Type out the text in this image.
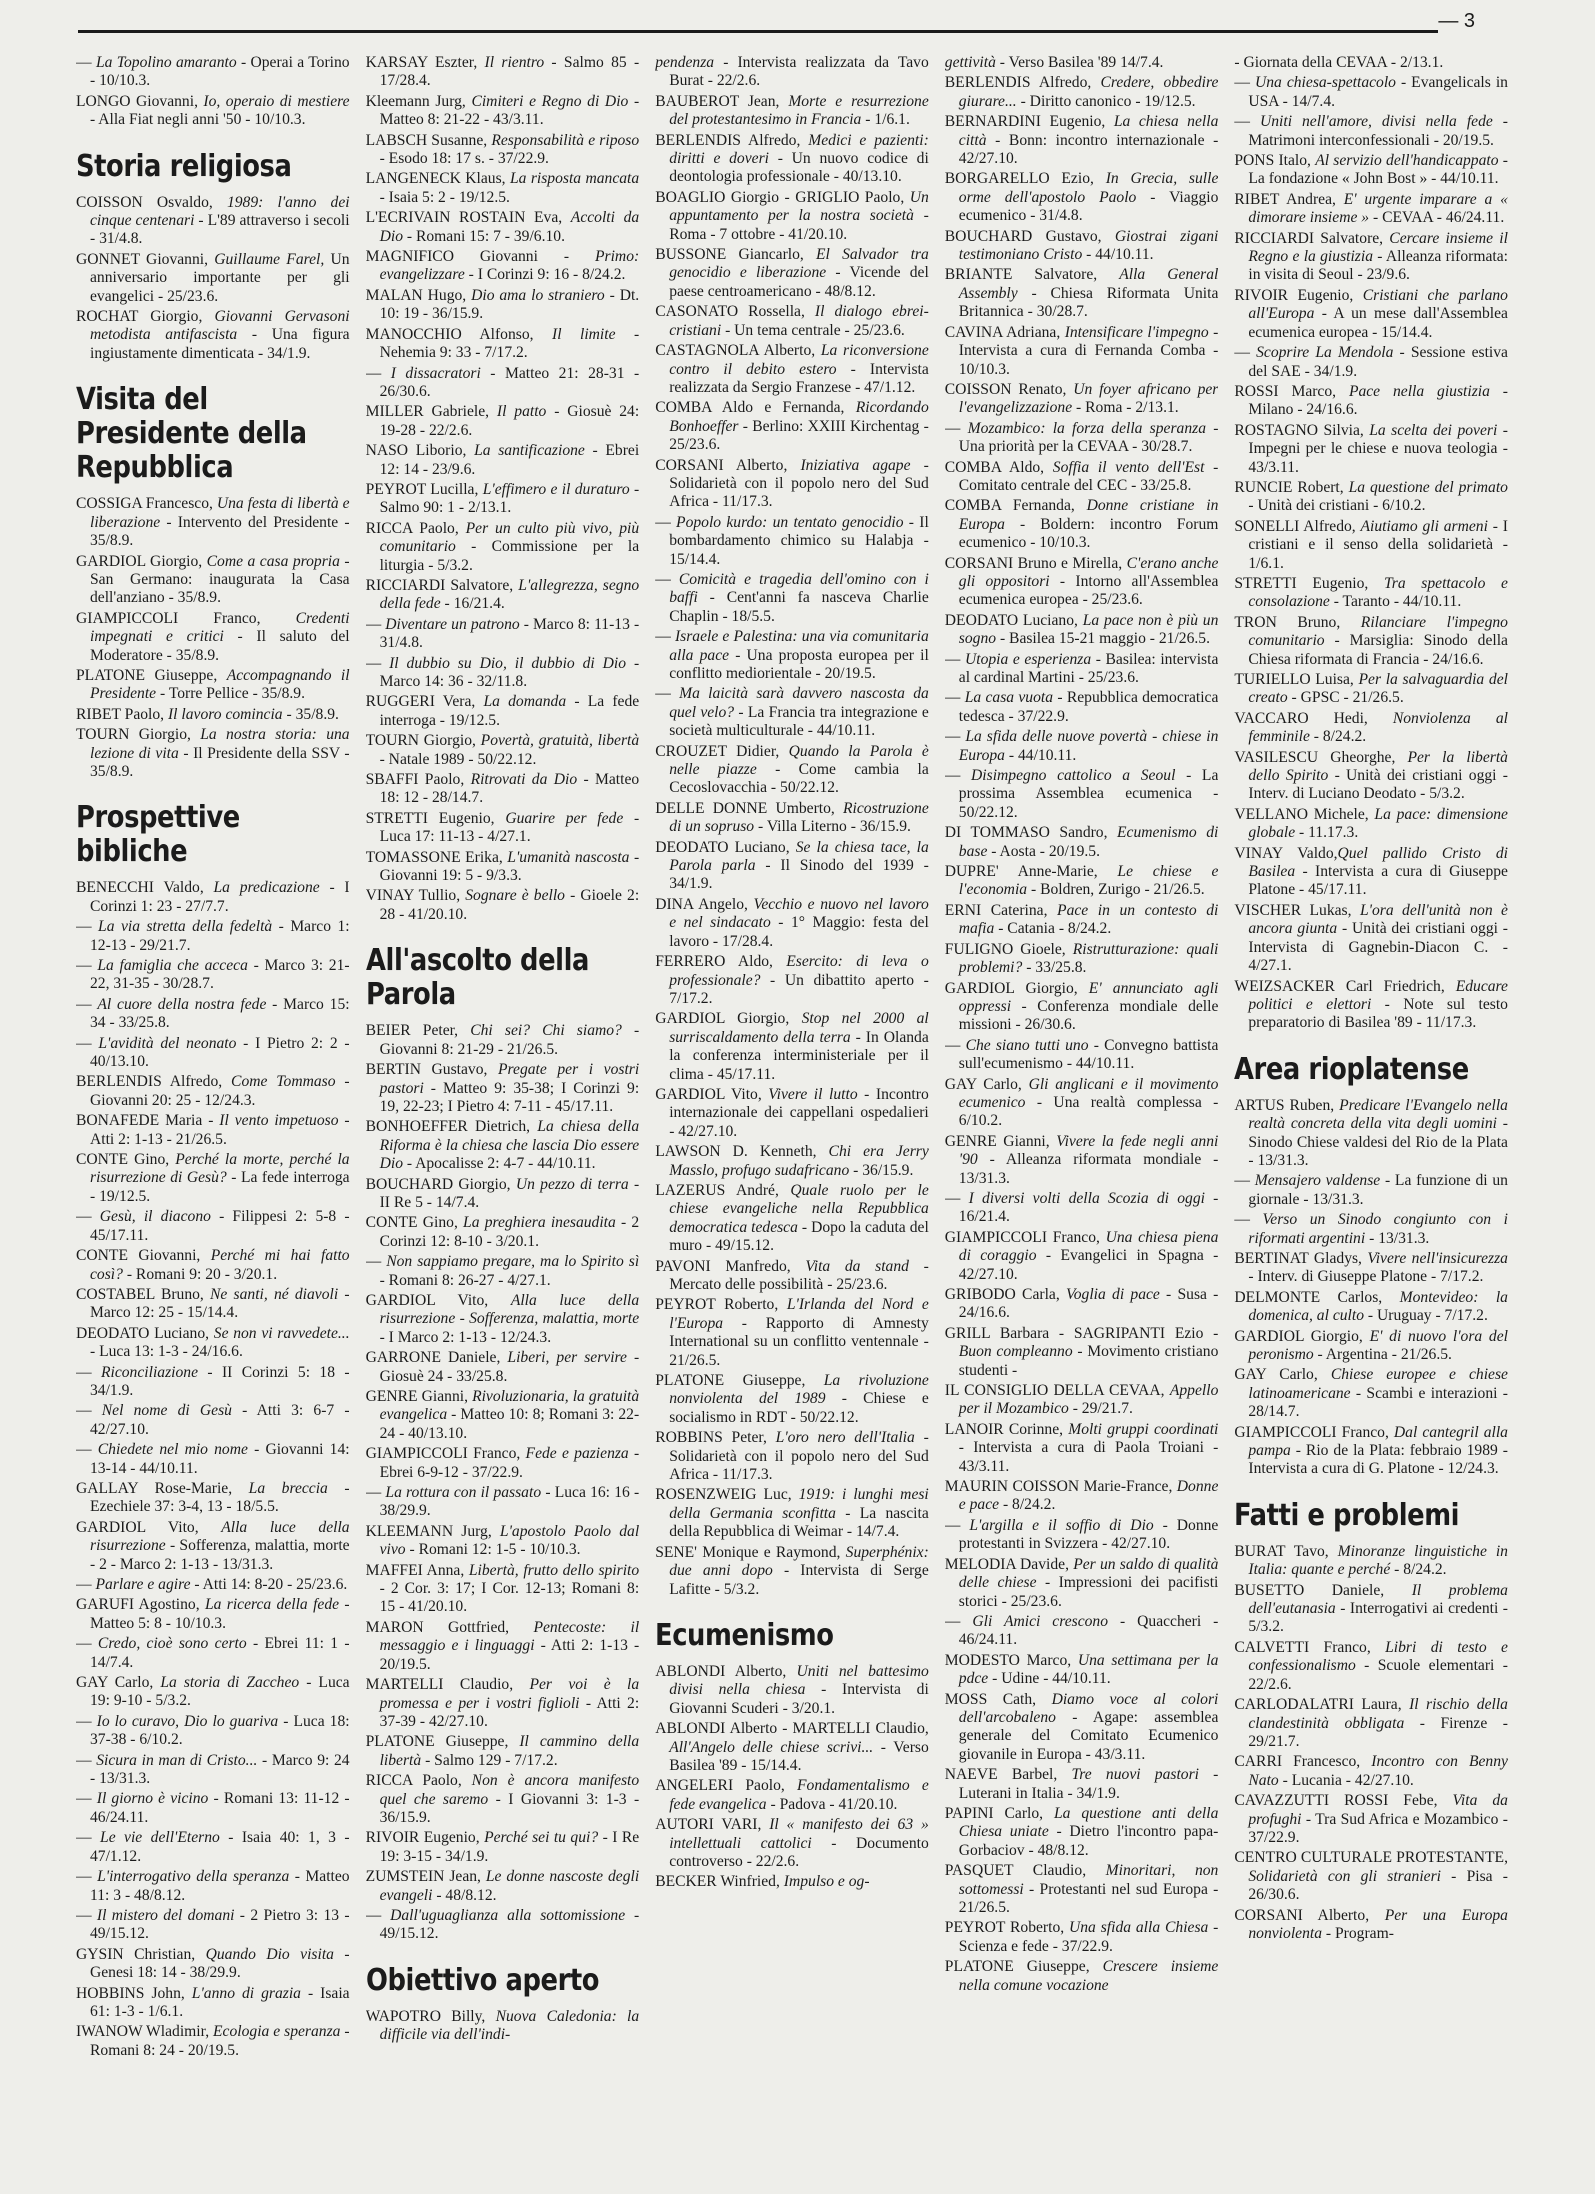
— 3
— La Topolino amaranto - Operai a Torino - 10/10.3.
LONGO Giovanni, Io, operaio di mestiere - Alla Fiat negli anni '50 - 10/10.3.
Storia religiosa
COISSON Osvaldo, 1989: l'anno dei cinque centenari - L'89 attraverso i secoli - 31/4.8.
GONNET Giovanni, Guillaume Farel, Un anniversario importante per gli evangelici - 25/23.6.
ROCHAT Giorgio, Giovanni Gervasoni metodista antifascista - Una figura ingiustamente dimenticata - 34/1.9.
Visita del Presidente della Repubblica
COSSIGA Francesco, Una festa di libertà e liberazione - Intervento del Presidente - 35/8.9.
GARDIOL Giorgio, Come a casa propria - San Germano: inaugurata la Casa dell'anziano - 35/8.9.
GIAMPICCOLI Franco, Credenti impegnati e critici - Il saluto del Moderatore - 35/8.9.
PLATONE Giuseppe, Accompagnando il Presidente - Torre Pellice - 35/8.9.
RIBET Paolo, Il lavoro comincia - 35/8.9.
TOURN Giorgio, La nostra storia: una lezione di vita - Il Presidente della SSV - 35/8.9.
Prospettive bibliche
BENECCHI Valdo, La predicazione - I Corinzi 1: 23 - 27/7.7.
— La via stretta della fedeltà - Marco 1: 12-13 - 29/21.7.
— La famiglia che acceca - Marco 3: 21-22, 31-35 - 30/28.7.
— Al cuore della nostra fede - Marco 15: 34 - 33/25.8.
— L'avidità del neonato - I Pietro 2: 2 - 40/13.10.
BERLENDIS Alfredo, Come Tommaso - Giovanni 20: 25 - 12/24.3.
BONAFEDE Maria - Il vento impetuoso - Atti 2: 1-13 - 21/26.5.
CONTE Gino, Perché la morte, perché la risurrezione di Gesù? - La fede interroga - 19/12.5.
— Gesù, il diacono - Filippesi 2: 5-8 - 45/17.11.
CONTE Giovanni, Perché mi hai fatto così? - Romani 9: 20 - 3/20.1.
COSTABEL Bruno, Ne santi, né diavoli - Marco 12: 25 - 15/14.4.
DEODATO Luciano, Se non vi ravvedete... - Luca 13: 1-3 - 24/16.6.
— Riconciliazione - II Corinzi 5: 18 - 34/1.9.
— Nel nome di Gesù - Atti 3: 6-7 - 42/27.10.
— Chiedete nel mio nome - Giovanni 14: 13-14 - 44/10.11.
GALLAY Rose-Marie, La breccia - Ezechiele 37: 3-4, 13 - 18/5.5.
GARDIOL Vito, Alla luce della risurrezione - Sofferenza, malattia, morte - 2 - Marco 2: 1-13 - 13/31.3.
— Parlare e agire - Atti 14: 8-20 - 25/23.6.
GARUFI Agostino, La ricerca della fede - Matteo 5: 8 - 10/10.3.
— Credo, cioè sono certo - Ebrei 11: 1 - 14/7.4.
GAY Carlo, La storia di Zaccheo - Luca 19: 9-10 - 5/3.2.
— Io lo curavo, Dio lo guariva - Luca 18: 37-38 - 6/10.2.
— Sicura in man di Cristo... - Marco 9: 24 - 13/31.3.
— Il giorno è vicino - Romani 13: 11-12 - 46/24.11.
— Le vie dell'Eterno - Isaia 40: 1, 3 - 47/1.12.
— L'interrogativo della speranza - Matteo 11: 3 - 48/8.12.
— Il mistero del domani - 2 Pietro 3: 13 - 49/15.12.
GYSIN Christian, Quando Dio visita - Genesi 18: 14 - 38/29.9.
HOBBINS John, L'anno di grazia - Isaia 61: 1-3 - 1/6.1.
IWANOW Wladimir, Ecologia e speranza - Romani 8: 24 - 20/19.5.
KARSAY Eszter, Il rientro - Salmo 85 - 17/28.4.
Kleemann Jurg, Cimiteri e Regno di Dio - Matteo 8: 21-22 - 43/3.11.
LABSCH Susanne, Responsabilità e riposo - Esodo 18: 17 s. - 37/22.9.
LANGENECK Klaus, La risposta mancata - Isaia 5: 2 - 19/12.5.
L'ECRIVAIN ROSTAIN Eva, Accolti da Dio - Romani 15: 7 - 39/6.10.
MAGNIFICO Giovanni - Primo: evangelizzare - I Corinzi 9: 16 - 8/24.2.
MALAN Hugo, Dio ama lo straniero - Dt. 10: 19 - 36/15.9.
MANOCCHIO Alfonso, Il limite - Nehemia 9: 33 - 7/17.2.
— I dissacratori - Matteo 21: 28-31 - 26/30.6.
MILLER Gabriele, Il patto - Giosuè 24: 19-28 - 22/2.6.
NASO Liborio, La santificazione - Ebrei 12: 14 - 23/9.6.
PEYROT Lucilla, L'effimero e il duraturo - Salmo 90: 1 - 2/13.1.
RICCA Paolo, Per un culto più vivo, più comunitario - Commissione per la liturgia - 5/3.2.
RICCIARDI Salvatore, L'allegrezza, segno della fede - 16/21.4.
— Diventare un patrono - Marco 8: 11-13 - 31/4.8.
— Il dubbio su Dio, il dubbio di Dio - Marco 14: 36 - 32/11.8.
RUGGERI Vera, La domanda - La fede interroga - 19/12.5.
TOURN Giorgio, Povertà, gratuità, libertà - Natale 1989 - 50/22.12.
SBAFFI Paolo, Ritrovati da Dio - Matteo 18: 12 - 28/14.7.
STRETTI Eugenio, Guarire per fede - Luca 17: 11-13 - 4/27.1.
TOMASSONE Erika, L'umanità nascosta - Giovanni 19: 5 - 9/3.3.
VINAY Tullio, Sognare è bello - Gioele 2: 28 - 41/20.10.
All'ascolto della Parola
BEIER Peter, Chi sei? Chi siamo? - Giovanni 8: 21-29 - 21/26.5.
BERTIN Gustavo, Pregate per i vostri pastori - Matteo 9: 35-38; I Corinzi 9: 19, 22-23; I Pietro 4: 7-11 - 45/17.11.
BONHOEFFER Dietrich, La chiesa della Riforma è la chiesa che lascia Dio essere Dio - Apocalisse 2: 4-7 - 44/10.11.
BOUCHARD Giorgio, Un pezzo di terra - II Re 5 - 14/7.4.
CONTE Gino, La preghiera inesaudita - 2 Corinzi 12: 8-10 - 3/20.1.
— Non sappiamo pregare, ma lo Spirito sì - Romani 8: 26-27 - 4/27.1.
GARDIOL Vito, Alla luce della risurrezione - Sofferenza, malattia, morte - I Marco 2: 1-13 - 12/24.3.
GARRONE Daniele, Liberi, per servire - Giosuè 24 - 33/25.8.
GENRE Gianni, Rivoluzionaria, la gratuità evangelica - Matteo 10: 8; Romani 3: 22-24 - 40/13.10.
GIAMPICCOLI Franco, Fede e pazienza - Ebrei 6-9-12 - 37/22.9.
— La rottura con il passato - Luca 16: 16 - 38/29.9.
KLEEMANN Jurg, L'apostolo Paolo dal vivo - Romani 12: 1-5 - 10/10.3.
MAFFEI Anna, Libertà, frutto dello spirito - 2 Cor. 3: 17; I Cor. 12-13; Romani 8: 15 - 41/20.10.
MARON Gottfried, Pentecoste: il messaggio e i linguaggi - Atti 2: 1-13 - 20/19.5.
MARTELLI Claudio, Per voi è la promessa e per i vostri figlioli - Atti 2: 37-39 - 42/27.10.
PLATONE Giuseppe, Il cammino della libertà - Salmo 129 - 7/17.2.
RICCA Paolo, Non è ancora manifesto quel che saremo - I Giovanni 3: 1-3 - 36/15.9.
RIVOIR Eugenio, Perché sei tu qui? - I Re 19: 3-15 - 34/1.9.
ZUMSTEIN Jean, Le donne nascoste degli evangeli - 48/8.12.
— Dall'uguaglianza alla sottomissione - 49/15.12.
Obiettivo aperto
WAPOTRO Billy, Nuova Caledonia: la difficile via dell'indi-
pendenza - Intervista realizzata da Tavo Burat - 22/2.6.
BAUBEROT Jean, Morte e resurrezione del protestantesimo in Francia - 1/6.1.
BERLENDIS Alfredo, Medici e pazienti: diritti e doveri - Un nuovo codice di deontologia professionale - 40/13.10.
BOAGLIO Giorgio - GRIGLIO Paolo, Un appuntamento per la nostra società - Roma - 7 ottobre - 41/20.10.
BUSSONE Giancarlo, El Salvador tra genocidio e liberazione - Vicende del paese centroamericano - 48/8.12.
CASONATO Rossella, Il dialogo ebrei-cristiani - Un tema centrale - 25/23.6.
CASTAGNOLA Alberto, La riconversione contro il debito estero - Intervista realizzata da Sergio Franzese - 47/1.12.
COMBA Aldo e Fernanda, Ricordando Bonhoeffer - Berlino: XXIII Kirchentag - 25/23.6.
CORSANI Alberto, Iniziativa agape - Solidarietà con il popolo nero del Sud Africa - 11/17.3.
— Popolo kurdo: un tentato genocidio - Il bombardamento chimico su Halabja - 15/14.4.
— Comicità e tragedia dell'omino con i baffi - Cent'anni fa nasceva Charlie Chaplin - 18/5.5.
— Israele e Palestina: una via comunitaria alla pace - Una proposta europea per il conflitto mediorientale - 20/19.5.
— Ma laicità sarà davvero nascosta da quel velo? - La Francia tra integrazione e società multiculturale - 44/10.11.
CROUZET Didier, Quando la Parola è nelle piazze - Come cambia la Cecoslovacchia - 50/22.12.
DELLE DONNE Umberto, Ricostruzione di un sopruso - Villa Literno - 36/15.9.
DEODATO Luciano, Se la chiesa tace, la Parola parla - Il Sinodo del 1939 - 34/1.9.
DINA Angelo, Vecchio e nuovo nel lavoro e nel sindacato - 1° Maggio: festa del lavoro - 17/28.4.
FERRERO Aldo, Esercito: di leva o professionale? - Un dibattito aperto - 7/17.2.
GARDIOL Giorgio, Stop nel 2000 al surriscaldamento della terra - In Olanda la conferenza interministeriale per il clima - 45/17.11.
GARDIOL Vito, Vivere il lutto - Incontro internazionale dei cappellani ospedalieri - 42/27.10.
LAWSON D. Kenneth, Chi era Jerry Masslo, profugo sudafricano - 36/15.9.
LAZERUS André, Quale ruolo per le chiese evangeliche nella Repubblica democratica tedesca - Dopo la caduta del muro - 49/15.12.
PAVONI Manfredo, Vita da stand - Mercato delle possibilità - 25/23.6.
PEYROT Roberto, L'Irlanda del Nord e l'Europa - Rapporto di Amnesty International su un conflitto ventennale - 21/26.5.
PLATONE Giuseppe, La rivoluzione nonviolenta del 1989 - Chiese e socialismo in RDT - 50/22.12.
ROBBINS Peter, L'oro nero dell'Italia - Solidarietà con il popolo nero del Sud Africa - 11/17.3.
ROSENZWEIG Luc, 1919: i lunghi mesi della Germania sconfitta - La nascita della Repubblica di Weimar - 14/7.4.
SENE' Monique e Raymond, Superphénix: due anni dopo - Intervista di Serge Lafitte - 5/3.2.
Ecumenismo
ABLONDI Alberto, Uniti nel battesimo divisi nella chiesa - Intervista di Giovanni Scuderi - 3/20.1.
ABLONDI Alberto - MARTELLI Claudio, All'Angelo delle chiese scrivi... - Verso Basilea '89 - 15/14.4.
ANGELERI Paolo, Fondamentalismo e fede evangelica - Padova - 41/20.10.
AUTORI VARI, Il « manifesto dei 63 » intellettuali cattolici - Documento controverso - 22/2.6.
BECKER Winfried, Impulso e og-
gettività - Verso Basilea '89 14/7.4.
BERLENDIS Alfredo, Credere, obbedire giurare... - Diritto canonico - 19/12.5.
BERNARDINI Eugenio, La chiesa nella città - Bonn: incontro internazionale - 42/27.10.
BORGARELLO Ezio, In Grecia, sulle orme dell'apostolo Paolo - Viaggio ecumenico - 31/4.8.
BOUCHARD Gustavo, Giostrai zigani testimoniano Cristo - 44/10.11.
BRIANTE Salvatore, Alla General Assembly - Chiesa Riformata Unita Britannica - 30/28.7.
CAVINA Adriana, Intensificare l'impegno - Intervista a cura di Fernanda Comba - 10/10.3.
COISSON Renato, Un foyer africano per l'evangelizzazione - Roma - 2/13.1.
— Mozambico: la forza della speranza - Una priorità per la CEVAA - 30/28.7.
COMBA Aldo, Soffia il vento dell'Est - Comitato centrale del CEC - 33/25.8.
COMBA Fernanda, Donne cristiane in Europa - Boldern: incontro Forum ecumenico - 10/10.3.
CORSANI Bruno e Mirella, C'erano anche gli oppositori - Intorno all'Assemblea ecumenica europea - 25/23.6.
DEODATO Luciano, La pace non è più un sogno - Basilea 15-21 maggio - 21/26.5.
— Utopia e esperienza - Basilea: intervista al cardinal Martini - 25/23.6.
— La casa vuota - Repubblica democratica tedesca - 37/22.9.
— La sfida delle nuove povertà - chiese in Europa - 44/10.11.
— Disimpegno cattolico a Seoul - La prossima Assemblea ecumenica - 50/22.12.
DI TOMMASO Sandro, Ecumenismo di base - Aosta - 20/19.5.
DUPRE' Anne-Marie, Le chiese e l'economia - Boldren, Zurigo - 21/26.5.
ERNI Caterina, Pace in un contesto di mafia - Catania - 8/24.2.
FULIGNO Gioele, Ristrutturazione: quali problemi? - 33/25.8.
GARDIOL Giorgio, E' annunciato agli oppressi - Conferenza mondiale delle missioni - 26/30.6.
— Che siano tutti uno - Convegno battista sull'ecumenismo - 44/10.11.
GAY Carlo, Gli anglicani e il movimento ecumenico - Una realtà complessa - 6/10.2.
GENRE Gianni, Vivere la fede negli anni '90 - Alleanza riformata mondiale - 13/31.3.
— I diversi volti della Scozia di oggi - 16/21.4.
GIAMPICCOLI Franco, Una chiesa piena di coraggio - Evangelici in Spagna - 42/27.10.
GRIBODO Carla, Voglia di pace - Susa - 24/16.6.
GRILL Barbara - SAGRIPANTI Ezio - Buon compleanno - Movimento cristiano studenti -
IL CONSIGLIO DELLA CEVAA, Appello per il Mozambico - 29/21.7.
LANOIR Corinne, Molti gruppi coordinati - Intervista a cura di Paola Troiani - 43/3.11.
MAURIN COISSON Marie-France, Donne e pace - 8/24.2.
— L'argilla e il soffio di Dio - Donne protestanti in Svizzera - 42/27.10.
MELODIA Davide, Per un saldo di qualità delle chiese - Impressioni dei pacifisti storici - 25/23.6.
— Gli Amici crescono - Quaccheri - 46/24.11.
MODESTO Marco, Una settimana per la pdce - Udine - 44/10.11.
MOSS Cath, Diamo voce al colori dell'arcobaleno - Agape: assemblea generale del Comitato Ecumenico giovanile in Europa - 43/3.11.
NAEVE Barbel, Tre nuovi pastori - Luterani in Italia - 34/1.9.
PAPINI Carlo, La questione anti della Chiesa uniate - Dietro l'incontro papa-Gorbaciov - 48/8.12.
PASQUET Claudio, Minoritari, non sottomessi - Protestanti nel sud Europa - 21/26.5.
PEYROT Roberto, Una sfida alla Chiesa - Scienza e fede - 37/22.9.
PLATONE Giuseppe, Crescere insieme nella comune vocazione
- Giornata della CEVAA - 2/13.1.
— Una chiesa-spettacolo - Evangelicals in USA - 14/7.4.
— Uniti nell'amore, divisi nella fede - Matrimoni interconfessionali - 20/19.5.
PONS Italo, Al servizio dell'handicappato - La fondazione « John Bost » - 44/10.11.
RIBET Andrea, E' urgente imparare a « dimorare insieme » - CEVAA - 46/24.11.
RICCIARDI Salvatore, Cercare insieme il Regno e la giustizia - Alleanza riformata: in visita di Seoul - 23/9.6.
RIVOIR Eugenio, Cristiani che parlano all'Europa - A un mese dall'Assemblea ecumenica europea - 15/14.4.
— Scoprire La Mendola - Sessione estiva del SAE - 34/1.9.
ROSSI Marco, Pace nella giustizia - Milano - 24/16.6.
ROSTAGNO Silvia, La scelta dei poveri - Impegni per le chiese e nuova teologia - 43/3.11.
RUNCIE Robert, La questione del primato - Unità dei cristiani - 6/10.2.
SONELLI Alfredo, Aiutiamo gli armeni - I cristiani e il senso della solidarietà - 1/6.1.
STRETTI Eugenio, Tra spettacolo e consolazione - Taranto - 44/10.11.
TRON Bruno, Rilanciare l'impegno comunitario - Marsiglia: Sinodo della Chiesa riformata di Francia - 24/16.6.
TURIELLO Luisa, Per la salvaguardia del creato - GPSC - 21/26.5.
VACCARO Hedi, Nonviolenza al femminile - 8/24.2.
VASILESCU Gheorghe, Per la libertà dello Spirito - Unità dei cristiani oggi - Interv. di Luciano Deodato - 5/3.2.
VELLANO Michele, La pace: dimensione globale - 11.17.3.
VINAY Valdo,Quel pallido Cristo di Basilea - Intervista a cura di Giuseppe Platone - 45/17.11.
VISCHER Lukas, L'ora dell'unità non è ancora giunta - Unità dei cristiani oggi - Intervista di Gagnebin-Diacon C. - 4/27.1.
WEIZSACKER Carl Friedrich, Educare politici e elettori - Note sul testo preparatorio di Basilea '89 - 11/17.3.
Area rioplatense
ARTUS Ruben, Predicare l'Evangelo nella realtà concreta della vita degli uomini - Sinodo Chiese valdesi del Rio de la Plata - 13/31.3.
— Mensajero valdense - La funzione di un giornale - 13/31.3.
— Verso un Sinodo congiunto con i riformati argentini - 13/31.3.
BERTINAT Gladys, Vivere nell'insicurezza - Interv. di Giuseppe Platone - 7/17.2.
DELMONTE Carlos, Montevideo: la domenica, al culto - Uruguay - 7/17.2.
GARDIOL Giorgio, E' di nuovo l'ora del peronismo - Argentina - 21/26.5.
GAY Carlo, Chiese europee e chiese latinoamericane - Scambi e interazioni - 28/14.7.
GIAMPICCOLI Franco, Dal cantegril alla pampa - Rio de la Plata: febbraio 1989 - Intervista a cura di G. Platone - 12/24.3.
Fatti e problemi
BURAT Tavo, Minoranze linguistiche in Italia: quante e perché - 8/24.2.
BUSETTO Daniele, Il problema dell'eutanasia - Interrogativi ai credenti - 5/3.2.
CALVETTI Franco, Libri di testo e confessionalismo - Scuole elementari - 22/2.6.
CARLODALATRI Laura, Il rischio della clandestinità obbligata - Firenze - 29/21.7.
CARRI Francesco, Incontro con Benny Nato - Lucania - 42/27.10.
CAVAZZUTTI ROSSI Febe, Vita da profughi - Tra Sud Africa e Mozambico - 37/22.9.
CENTRO CULTURALE PROTESTANTE, Solidarietà con gli stranieri - Pisa - 26/30.6.
CORSANI Alberto, Per una Europa nonviolenta - Program-
